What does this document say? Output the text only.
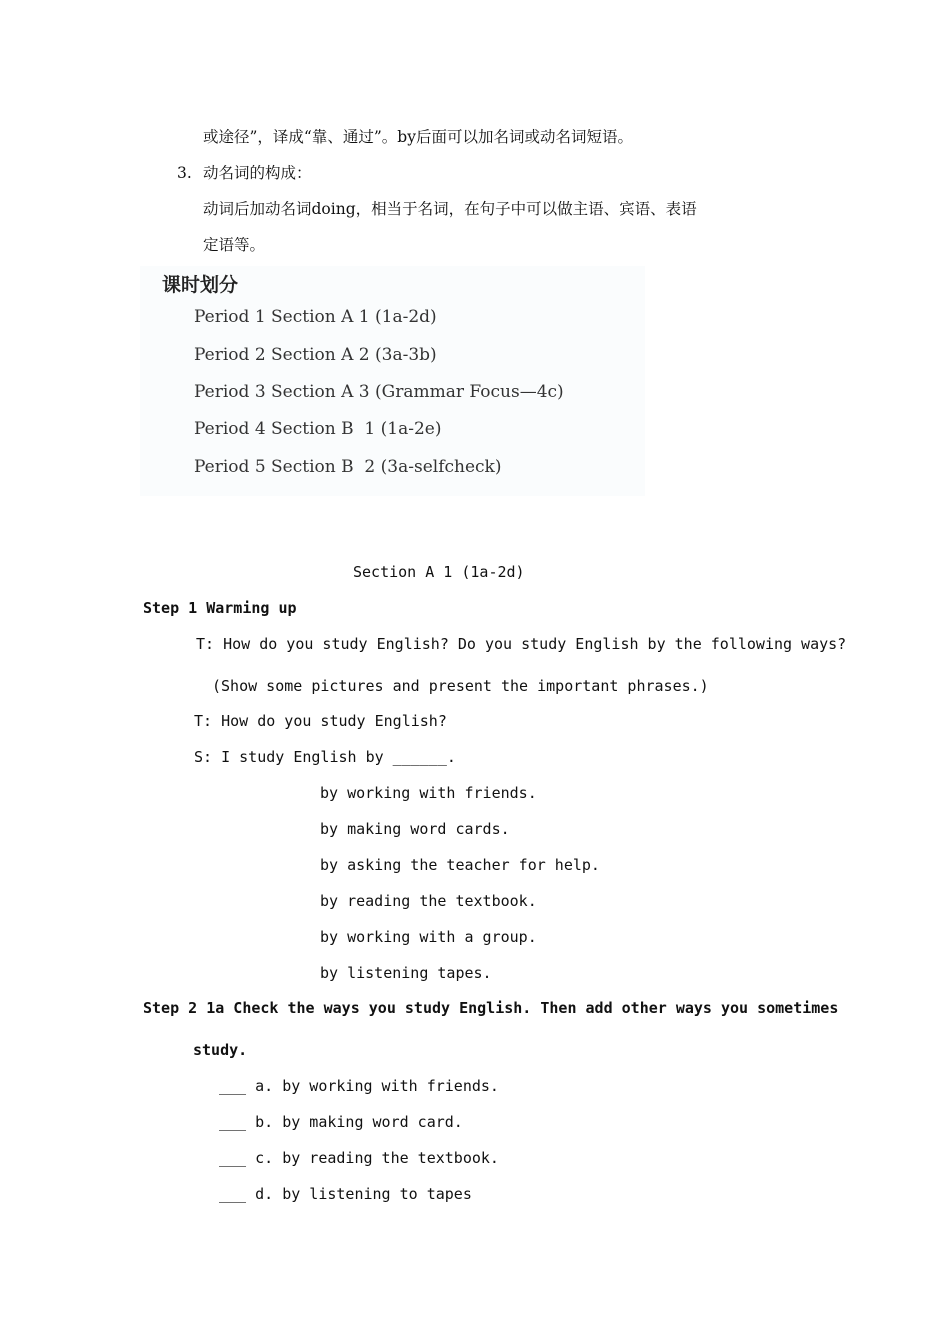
或途径”，译成“靠、通过”。by后面可以加名词或动名词短语。
3. 动名词的构成：
动词后加动名词doing，相当于名词，在句子中可以做主语、宾语、表语
定语等。
课时划分
Period 1 Section A 1 (1a-2d)
Period 2 Section A 2 (3a-3b)
Period 3 Section A 3 (Grammar Focus—4c)
Period 4 Section B  1 (1a-2e)
Period 5 Section B  2 (3a-selfcheck)
Section A 1 (1a-2d)
Step 1 Warming up
T: How do you study English? Do you study English by the following ways?
(Show some pictures and present the important phrases.)
T: How do you study English?
S: I study English by ______.
by working with friends.
by making word cards.
by asking the teacher for help.
by reading the textbook.
by working with a group.
by listening tapes.
Step 2 1a Check the ways you study English. Then add other ways you sometimes
study.
___ a. by working with friends.
___ b. by making word card.
___ c. by reading the textbook.
___ d. by listening to tapes
